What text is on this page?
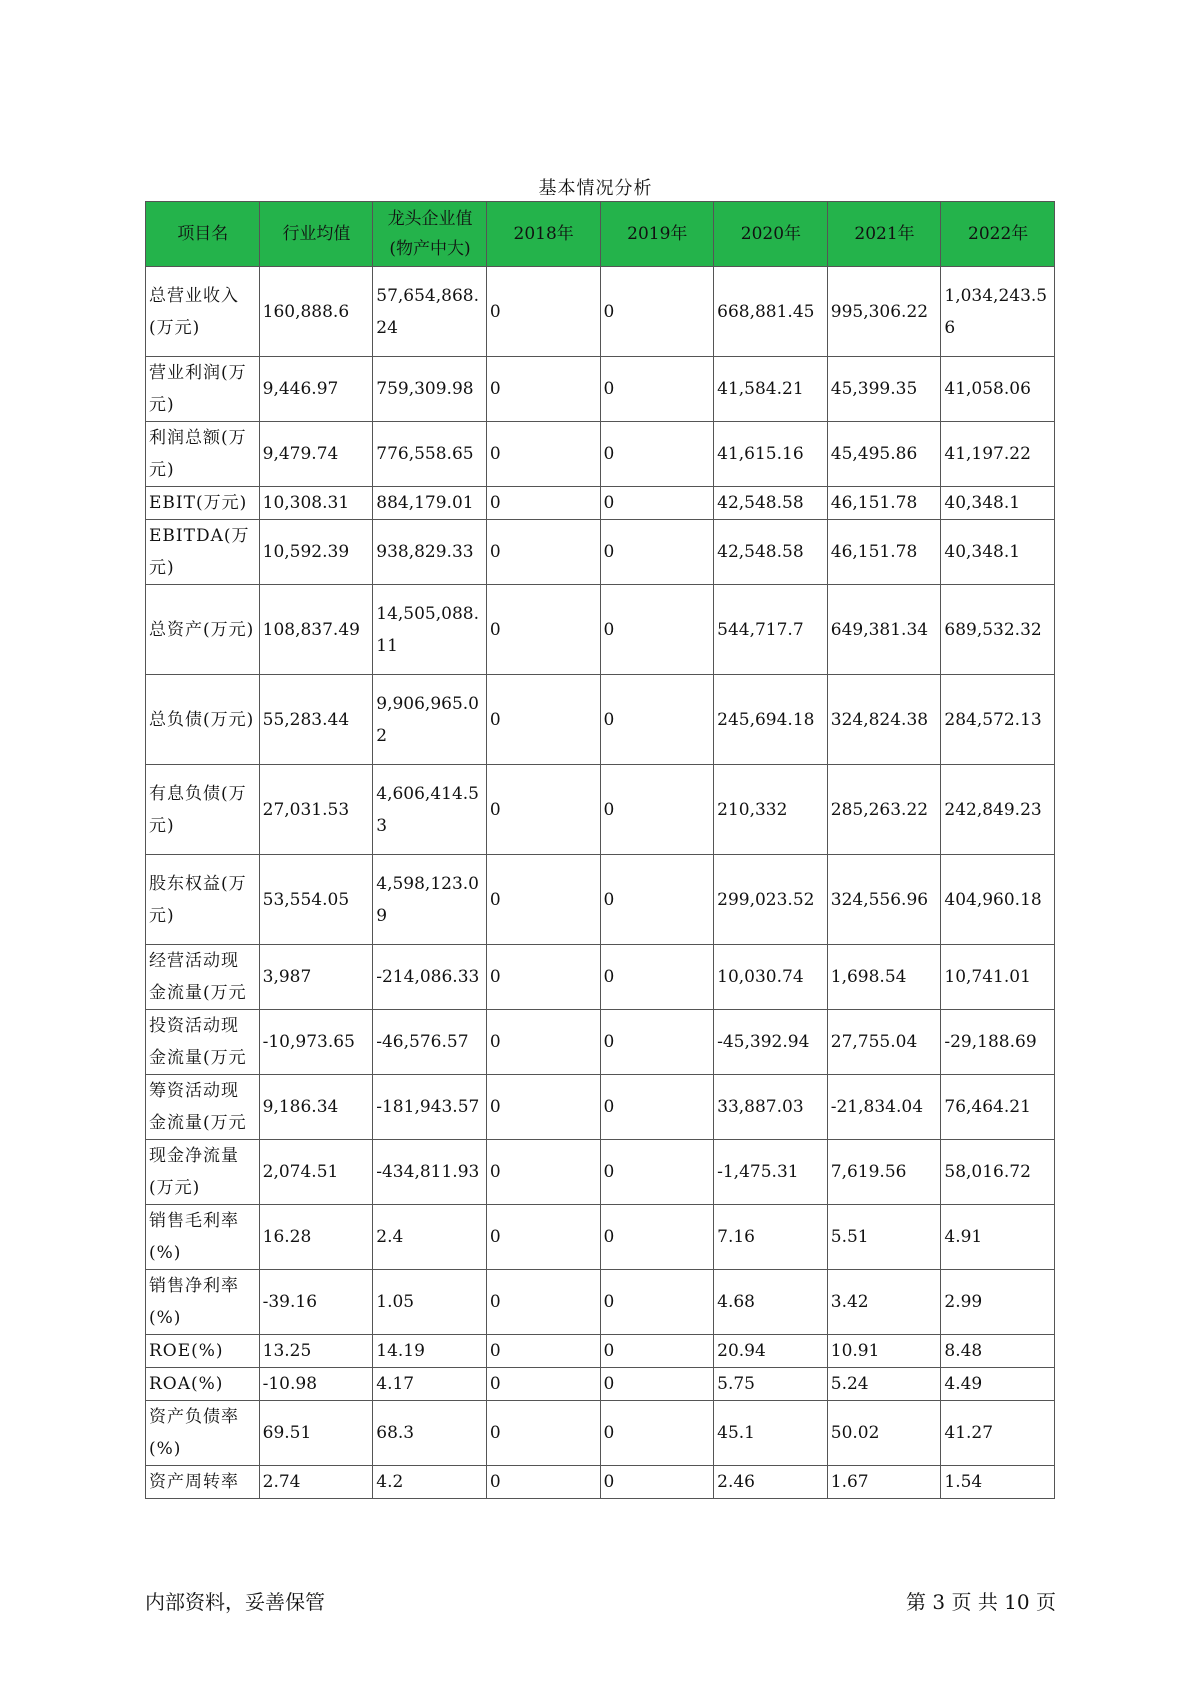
基本情况分析
项目名	行业均值	龙头企业值(物产中大)	2018年	2019年	2020年	2021年	2022年
总营业收入(万元)	160,888.6	57,654,868.24	0	0	668,881.45	995,306.22	1,034,243.56
营业利润(万元)	9,446.97	759,309.98	0	0	41,584.21	45,399.35	41,058.06
利润总额(万元)	9,479.74	776,558.65	0	0	41,615.16	45,495.86	41,197.22
EBIT(万元)	10,308.31	884,179.01	0	0	42,548.58	46,151.78	40,348.1
EBITDA(万元)	10,592.39	938,829.33	0	0	42,548.58	46,151.78	40,348.1
总资产(万元)	108,837.49	14,505,088.11	0	0	544,717.7	649,381.34	689,532.32
总负债(万元)	55,283.44	9,906,965.02	0	0	245,694.18	324,824.38	284,572.13
有息负债(万元)	27,031.53	4,606,414.53	0	0	210,332	285,263.22	242,849.23
股东权益(万元)	53,554.05	4,598,123.09	0	0	299,023.52	324,556.96	404,960.18
经营活动现金流量(万元	3,987	-214,086.33	0	0	10,030.74	1,698.54	10,741.01
投资活动现金流量(万元	-10,973.65	-46,576.57	0	0	-45,392.94	27,755.04	-29,188.69
筹资活动现金流量(万元	9,186.34	-181,943.57	0	0	33,887.03	-21,834.04	76,464.21
现金净流量(万元)	2,074.51	-434,811.93	0	0	-1,475.31	7,619.56	58,016.72
销售毛利率(%)	16.28	2.4	0	0	7.16	5.51	4.91
销售净利率(%)	-39.16	1.05	0	0	4.68	3.42	2.99
ROE(%)	13.25	14.19	0	0	20.94	10.91	8.48
ROA(%)	-10.98	4.17	0	0	5.75	5.24	4.49
资产负债率(%)	69.51	68.3	0	0	45.1	50.02	41.27
资产周转率	2.74	4.2	0	0	2.46	1.67	1.54
内部资料，妥善保管	第 3 页 共 10 页
